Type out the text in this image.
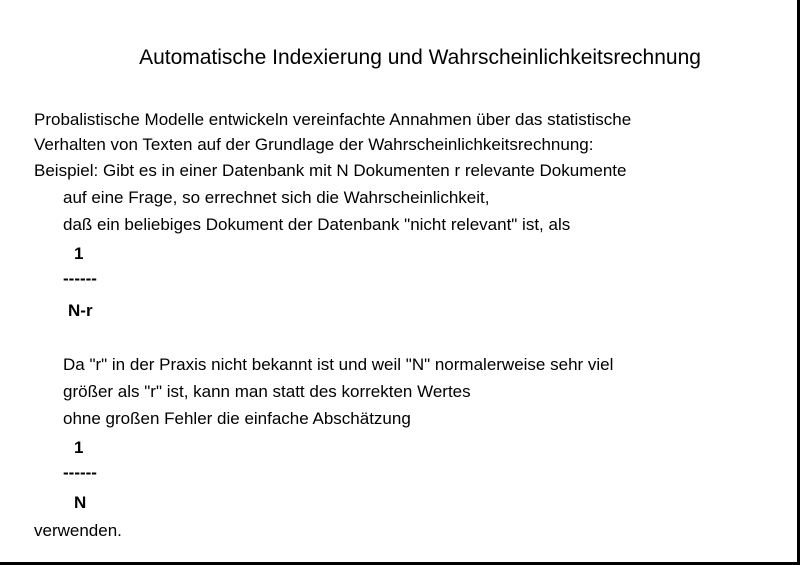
Automatische Indexierung und Wahrscheinlichkeitsrechnung
Probalistische Modelle entwickeln vereinfachte Annahmen über das statistische
Verhalten von Texten auf der Grundlage der Wahrscheinlichkeitsrechnung:
Beispiel: Gibt es in einer Datenbank mit N Dokumenten r relevante Dokumente
auf eine Frage, so errechnet sich die Wahrscheinlichkeit,
daß ein beliebiges Dokument der Datenbank "nicht relevant" ist, als
1
------
N-r
Da "r" in der Praxis nicht bekannt ist und weil "N" normalerweise sehr viel
größer als "r" ist, kann man statt des korrekten Wertes
ohne großen Fehler die einfache Abschätzung
1
------
N
verwenden.
